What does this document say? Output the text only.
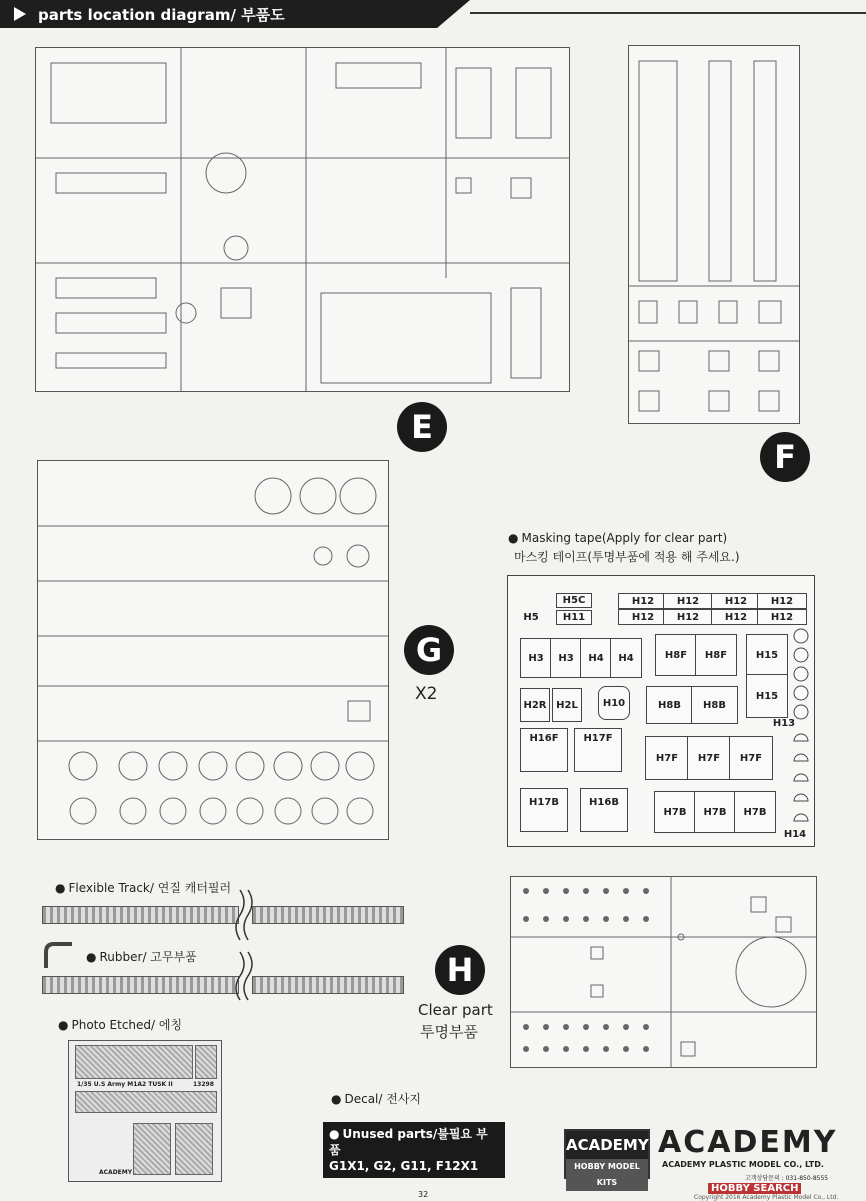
parts location diagram/ 부품도
E
F
G
X2
● Masking tape(Apply for clear part)
마스킹 테이프(투명부품에 적용 해 주세요.)
H5C
H11
H5
H12	H12	H12	H12
H12	H12	H12	H12
H3	H3	H4	H4	H8F	H8F	H15
H15
H2R H2L	H10	H8B	H8B
H13
H16F	H17F
H7F	H7F	H7F
H17B	H16B
H7B	H7B	H7B
H14
● Flexible Track/ 연질 캐터필러
● Rubber/ 고무부품
● Photo Etched/ 에칭
1/35 U.S Army M1A2 TUSK II	13298
ACADEMY
● Decal/ 전사지
● Unused parts/불필요 부품
G1X1, G2, G11, F12X1
H
Clear part
투명부품
ACADEMY
HOBBY MODEL KITS
ACADEMY
ACADEMY PLASTIC MODEL CO., LTD.
고객상담문의 : 031-850-8555
HOBBY SEARCH
Copyright 2016 Academy Plastic Model Co., Ltd.
32
